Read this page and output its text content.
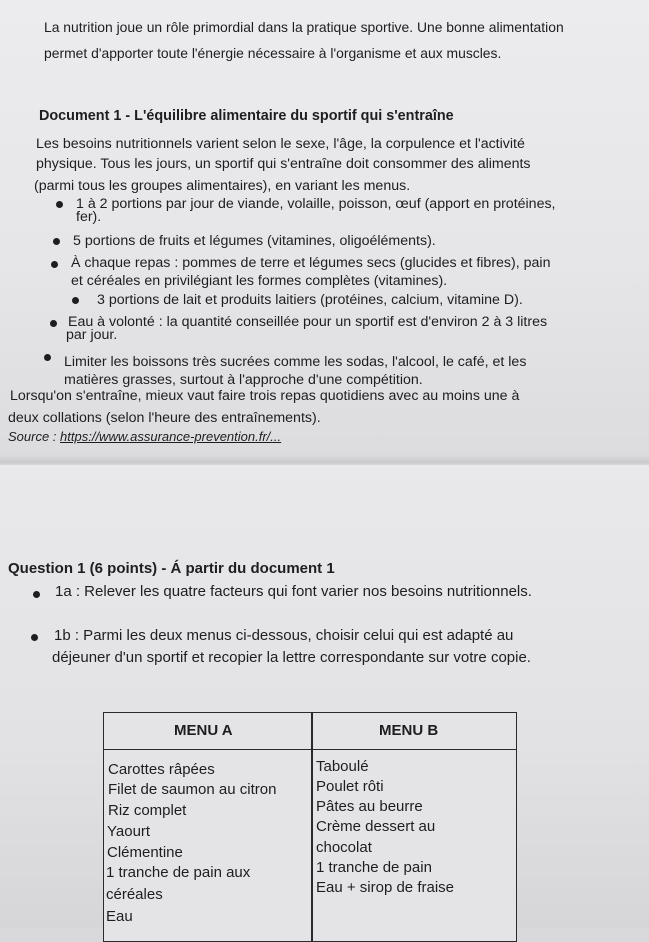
La nutrition joue un rôle primordial dans la pratique sportive. Une bonne alimentation
permet d'apporter toute l'énergie nécessaire à l'organisme et aux muscles.
Document 1 - L'équilibre alimentaire du sportif qui s'entraîne
Les besoins nutritionnels varient selon le sexe, l'âge, la corpulence et l'activité
physique. Tous les jours, un sportif qui s'entraîne doit consommer des aliments
(parmi tous les groupes alimentaires), en variant les menus.
1 à 2 portions par jour de viande, volaille, poisson, œuf (apport en protéines,
fer).
5 portions de fruits et légumes (vitamines, oligoéléments).
À chaque repas : pommes de terre et légumes secs (glucides et fibres), pain
et céréales en privilégiant les formes complètes (vitamines).
3 portions de lait et produits laitiers (protéines, calcium, vitamine D).
Eau à volonté : la quantité conseillée pour un sportif est d'environ 2 à 3 litres
par jour.
Limiter les boissons très sucrées comme les sodas, l'alcool, le café, et les
matières grasses, surtout à l'approche d'une compétition.
Lorsqu'on s'entraîne, mieux vaut faire trois repas quotidiens avec au moins une à
deux collations (selon l'heure des entraînements).
Source : https://www.assurance-prevention.fr/...
Question 1 (6 points) - Á partir du document 1
1a : Relever les quatre facteurs qui font varier nos besoins nutritionnels.
1b : Parmi les deux menus ci-dessous, choisir celui qui est adapté au
déjeuner d'un sportif et recopier la lettre correspondante sur votre copie.
MENU A	MENU B
Carottes râpées
Filet de saumon au citron
Riz complet
Yaourt
Clémentine
1 tranche de pain aux
céréales
Eau
Taboulé
Poulet rôti
Pâtes au beurre
Crème dessert au
chocolat
1 tranche de pain
Eau + sirop de fraise
